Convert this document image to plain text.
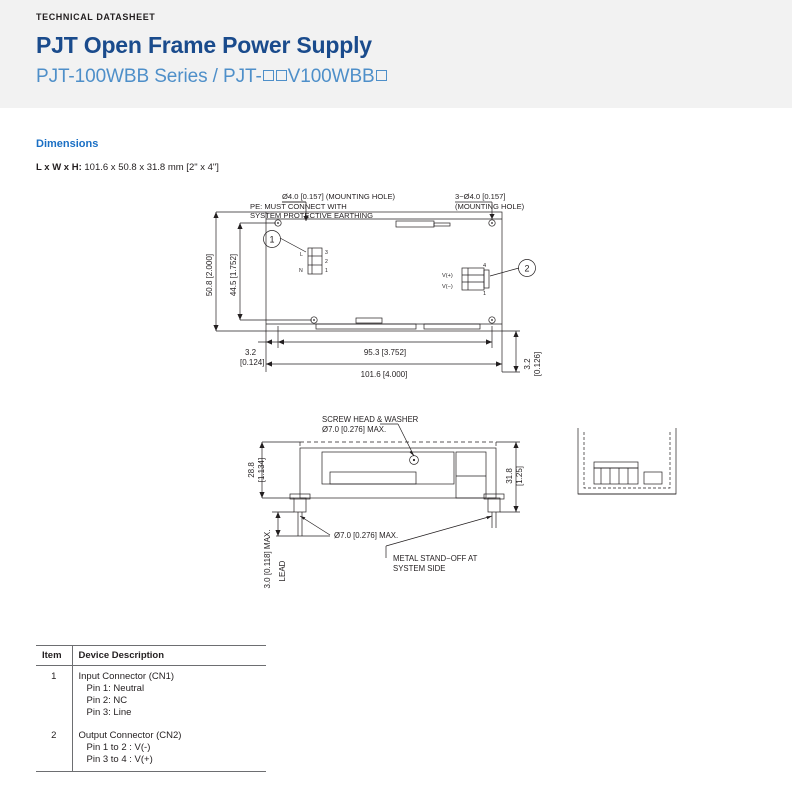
TECHNICAL DATASHEET
PJT Open Frame Power Supply
PJT-100WBB Series / PJT- V100WBB
Dimensions
L x W x H: 101.6 x 50.8 x 31.8 mm [2" x 4"]
Ø4.0 [0.157] (MOUNTING HOLE)
PE: MUST CONNECT WITH
SYSTEM PROTECTIVE EARTHING
3−Ø4.0 [0.157]
(MOUNTING HOLE)
1
2
3
2
1
L
N
4
1
V(+)
V(−)
50.8 [2.000] 44.5 [1.752]
3.2
[0.124]
95.3 [3.752]
101.6 [4.000]
3.2 [0.126]
SCREW HEAD & WASHER
Ø7.0 [0.276] MAX.
Ø7.0 [0.276] MAX.
METAL STAND−OFF AT
SYSTEM SIDE
28.8 [1.134]	31.8 [1.25]
3.0 [0.118] MAX. LEAD
Item	Device Description
1	Input Connector (CN1)
Pin 1: Neutral
Pin 2: NC
Pin 3: Line

2	Output Connector (CN2)
Pin 1 to 2 : V(-)
Pin 3 to 4 : V(+)
